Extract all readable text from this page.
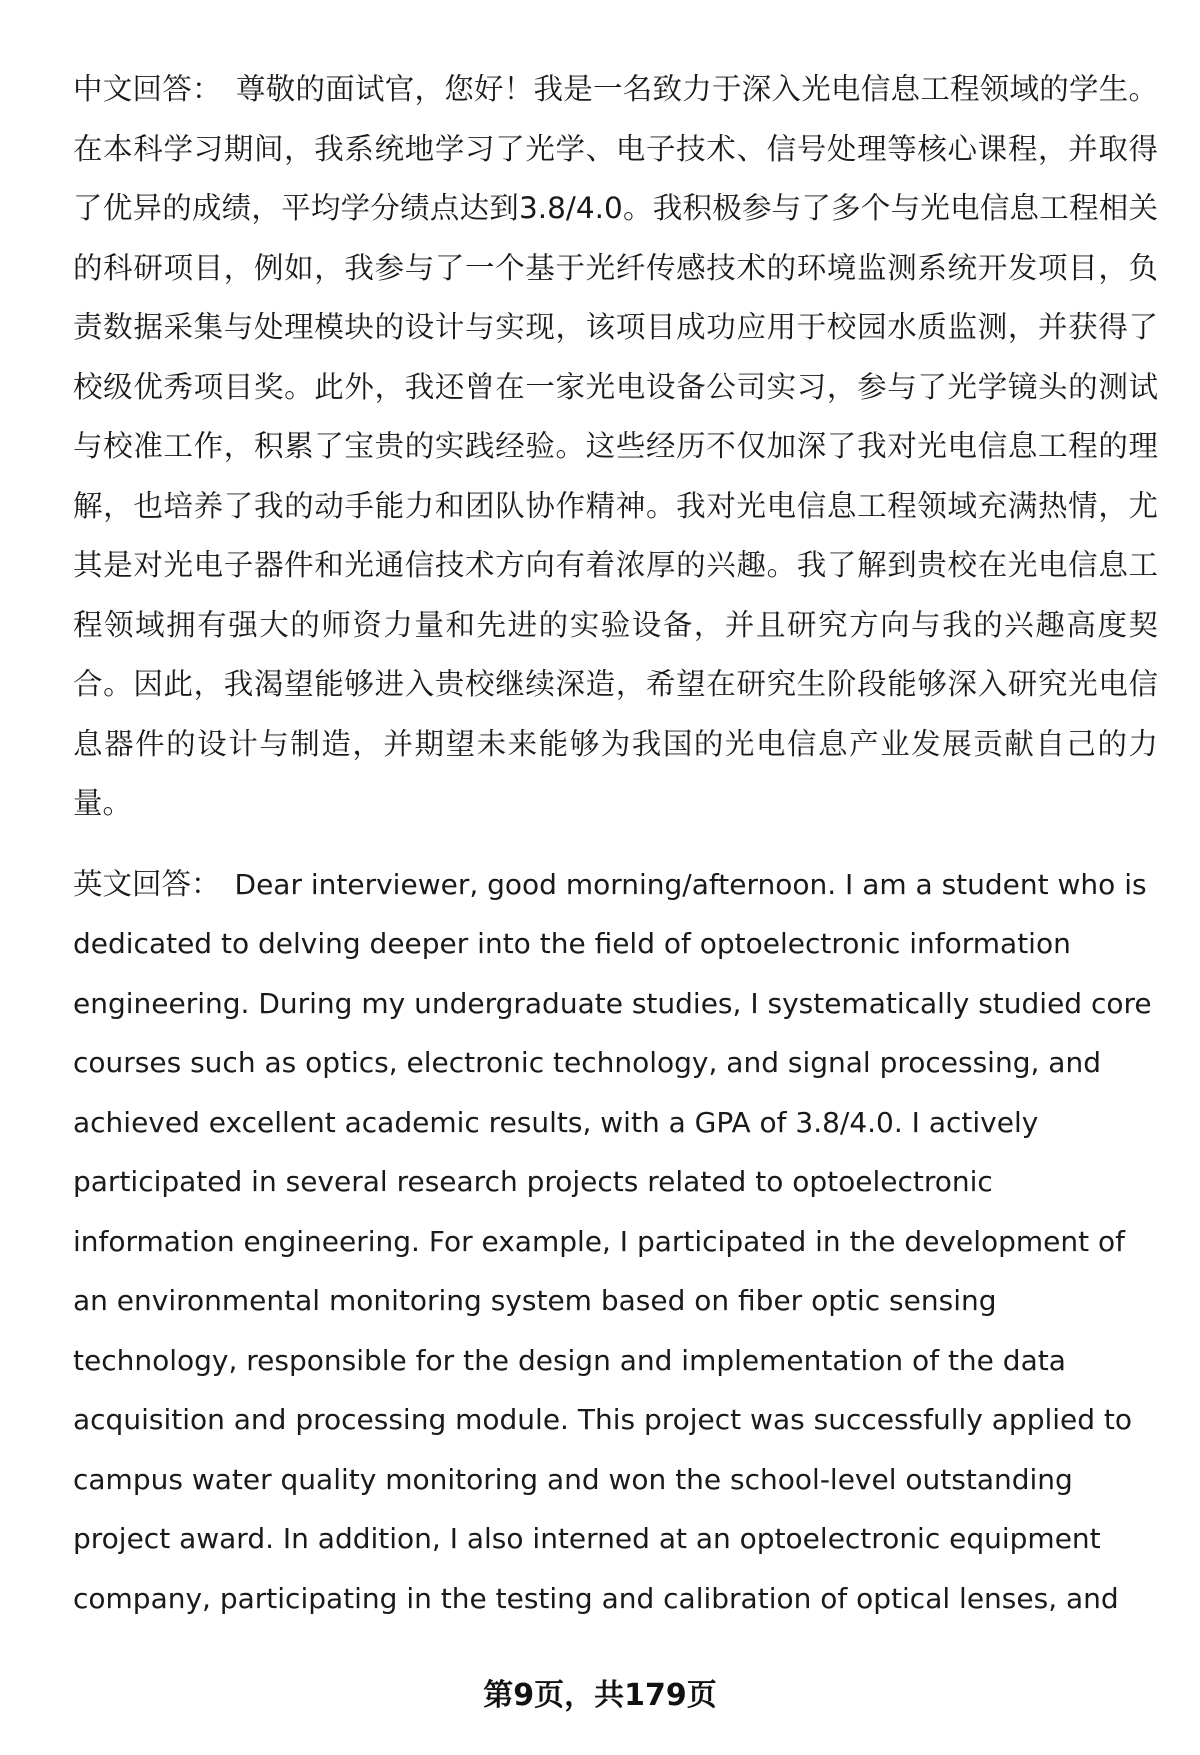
中文回答： 尊敬的面试官，您好！我是一名致力于深入光电信息工程领域的学生。在本科学习期间，我系统地学习了光学、电子技术、信号处理等核心课程，并取得了优异的成绩，平均学分绩点达到3.8/4.0。我积极参与了多个与光电信息工程相关的科研项目，例如，我参与了一个基于光纤传感技术的环境监测系统开发项目，负责数据采集与处理模块的设计与实现，该项目成功应用于校园水质监测，并获得了校级优秀项目奖。此外，我还曾在一家光电设备公司实习，参与了光学镜头的测试与校准工作，积累了宝贵的实践经验。这些经历不仅加深了我对光电信息工程的理解，也培养了我的动手能力和团队协作精神。我对光电信息工程领域充满热情，尤其是对光电子器件和光通信技术方向有着浓厚的兴趣。我了解到贵校在光电信息工程领域拥有强大的师资力量和先进的实验设备，并且研究方向与我的兴趣高度契合。因此，我渴望能够进入贵校继续深造，希望在研究生阶段能够深入研究光电信息器件的设计与制造，并期望未来能够为我国的光电信息产业发展贡献自己的力量。

英文回答： Dear interviewer, good morning/afternoon. I am a student who is dedicated to delving deeper into the field of optoelectronic information engineering. During my undergraduate studies, I systematically studied core courses such as optics, electronic technology, and signal processing, and achieved excellent academic results, with a GPA of 3.8/4.0. I actively participated in several research projects related to optoelectronic information engineering. For example, I participated in the development of an environmental monitoring system based on fiber optic sensing technology, responsible for the design and implementation of the data acquisition and processing module. This project was successfully applied to campus water quality monitoring and won the school-level outstanding project award. In addition, I also interned at an optoelectronic equipment company, participating in the testing and calibration of optical lenses, and

第9页，共179页
